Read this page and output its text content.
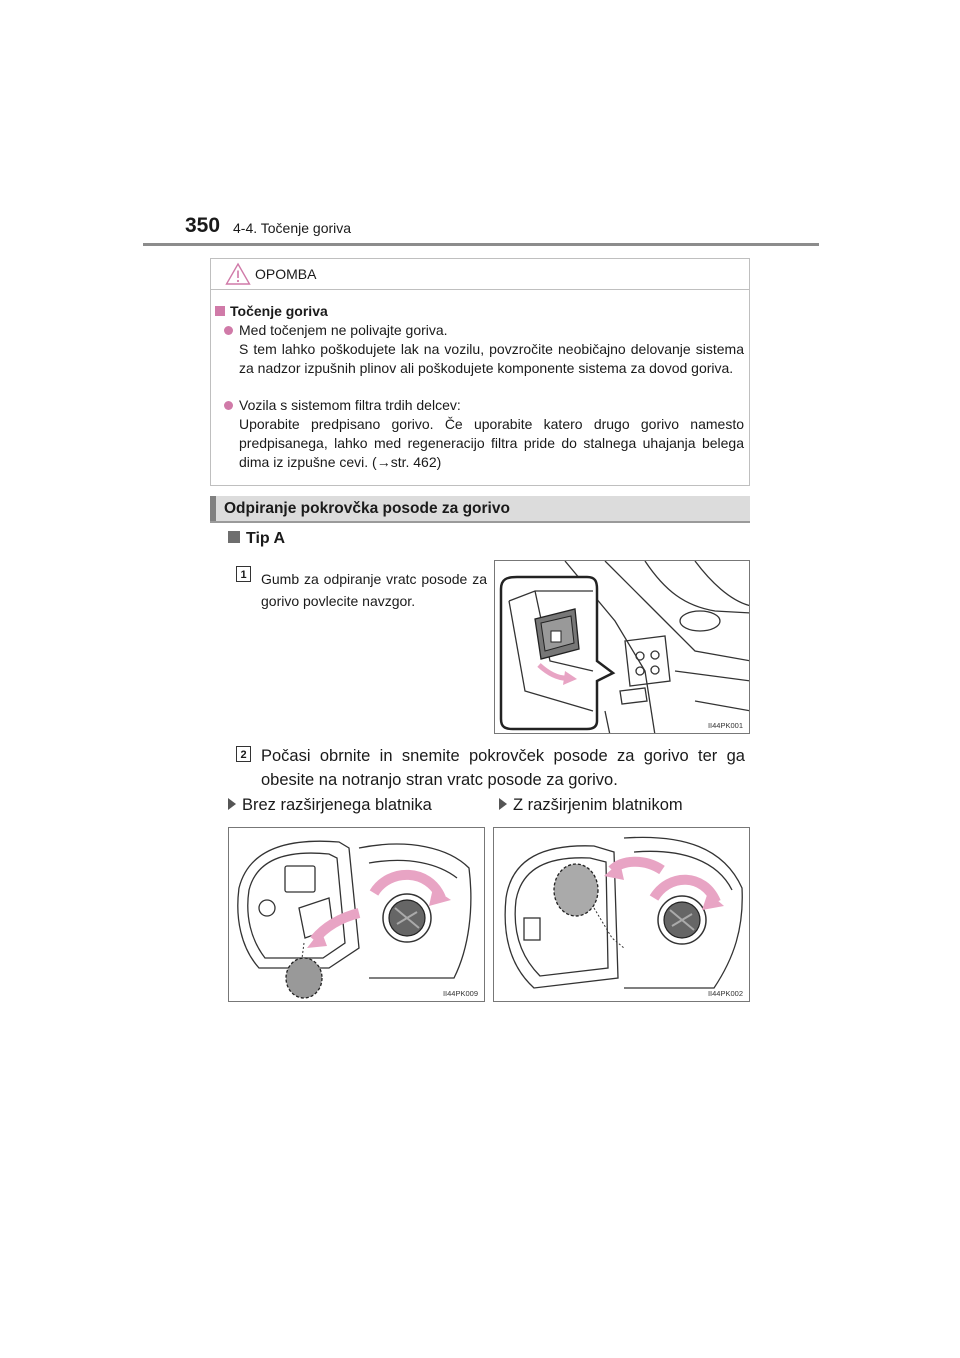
350 4-4. Točenje goriva
OPOMBA
Točenje goriva
Med točenjem ne polivajte goriva.
S tem lahko poškodujete lak na vozilu, povzročite neobičajno delovanje sistema za nadzor izpušnih plinov ali poškodujete komponente sistema za dovod goriva.
Vozila s sistemom filtra trdih delcev:
Uporabite predpisano gorivo. Če uporabite katero drugo gorivo namesto predpisanega, lahko med regeneracijo filtra pride do stalnega uhajanja belega dima iz izpušne cevi. (→str. 462)
Odpiranje pokrovčka posode za gorivo
Tip A
1	Gumb za odpiranje vratc posode za gorivo povlecite navzgor.
II44PK001
2 Počasi obrnite in snemite pokrovček posode za gorivo ter ga obesite na notranjo stran vratc posode za gorivo.
Brez razširjenega blatnika	Z razširjenim blatnikom
II44PK009	II44PK002
